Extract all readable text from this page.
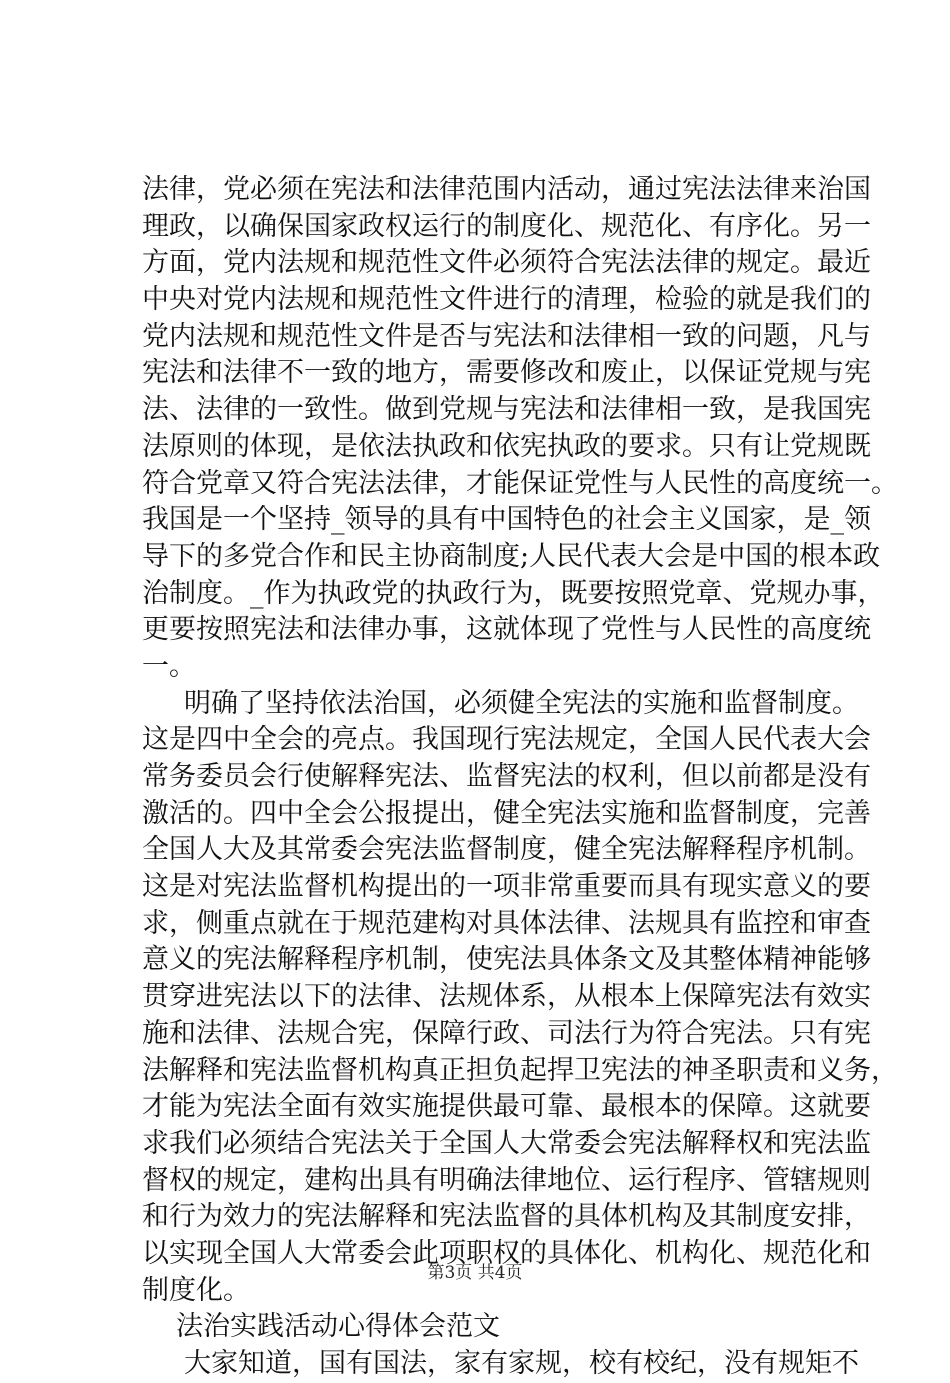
法律，党必须在宪法和法律范围内活动，通过宪法法律来治国
理政，以确保国家政权运行的制度化、规范化、有序化。另一
方面，党内法规和规范性文件必须符合宪法法律的规定。最近
中央对党内法规和规范性文件进行的清理，检验的就是我们的
党内法规和规范性文件是否与宪法和法律相一致的问题，凡与
宪法和法律不一致的地方，需要修改和废止，以保证党规与宪
法、法律的一致性。做到党规与宪法和法律相一致，是我国宪
法原则的体现，是依法执政和依宪执政的要求。只有让党规既
符合党章又符合宪法法律，才能保证党性与人民性的高度统一。
我国是一个坚持_领导的具有中国特色的社会主义国家，是_领
导下的多党合作和民主协商制度;人民代表大会是中国的根本政
治制度。_作为执政党的执政行为，既要按照党章、党规办事，
更要按照宪法和法律办事，这就体现了党性与人民性的高度统
一。
明确了坚持依法治国，必须健全宪法的实施和监督制度。
这是四中全会的亮点。我国现行宪法规定，全国人民代表大会
常务委员会行使解释宪法、监督宪法的权利，但以前都是没有
激活的。四中全会公报提出，健全宪法实施和监督制度，完善
全国人大及其常委会宪法监督制度，健全宪法解释程序机制。
这是对宪法监督机构提出的一项非常重要而具有现实意义的要
求，侧重点就在于规范建构对具体法律、法规具有监控和审查
意义的宪法解释程序机制，使宪法具体条文及其整体精神能够
贯穿进宪法以下的法律、法规体系，从根本上保障宪法有效实
施和法律、法规合宪，保障行政、司法行为符合宪法。只有宪
法解释和宪法监督机构真正担负起捍卫宪法的神圣职责和义务，
才能为宪法全面有效实施提供最可靠、最根本的保障。这就要
求我们必须结合宪法关于全国人大常委会宪法解释权和宪法监
督权的规定，建构出具有明确法律地位、运行程序、管辖规则
和行为效力的宪法解释和宪法监督的具体机构及其制度安排，
以实现全国人大常委会此项职权的具体化、机构化、规范化和
制度化。
法治实践活动心得体会范文
大家知道，国有国法，家有家规，校有校纪，没有规矩不
第3页 共4页
